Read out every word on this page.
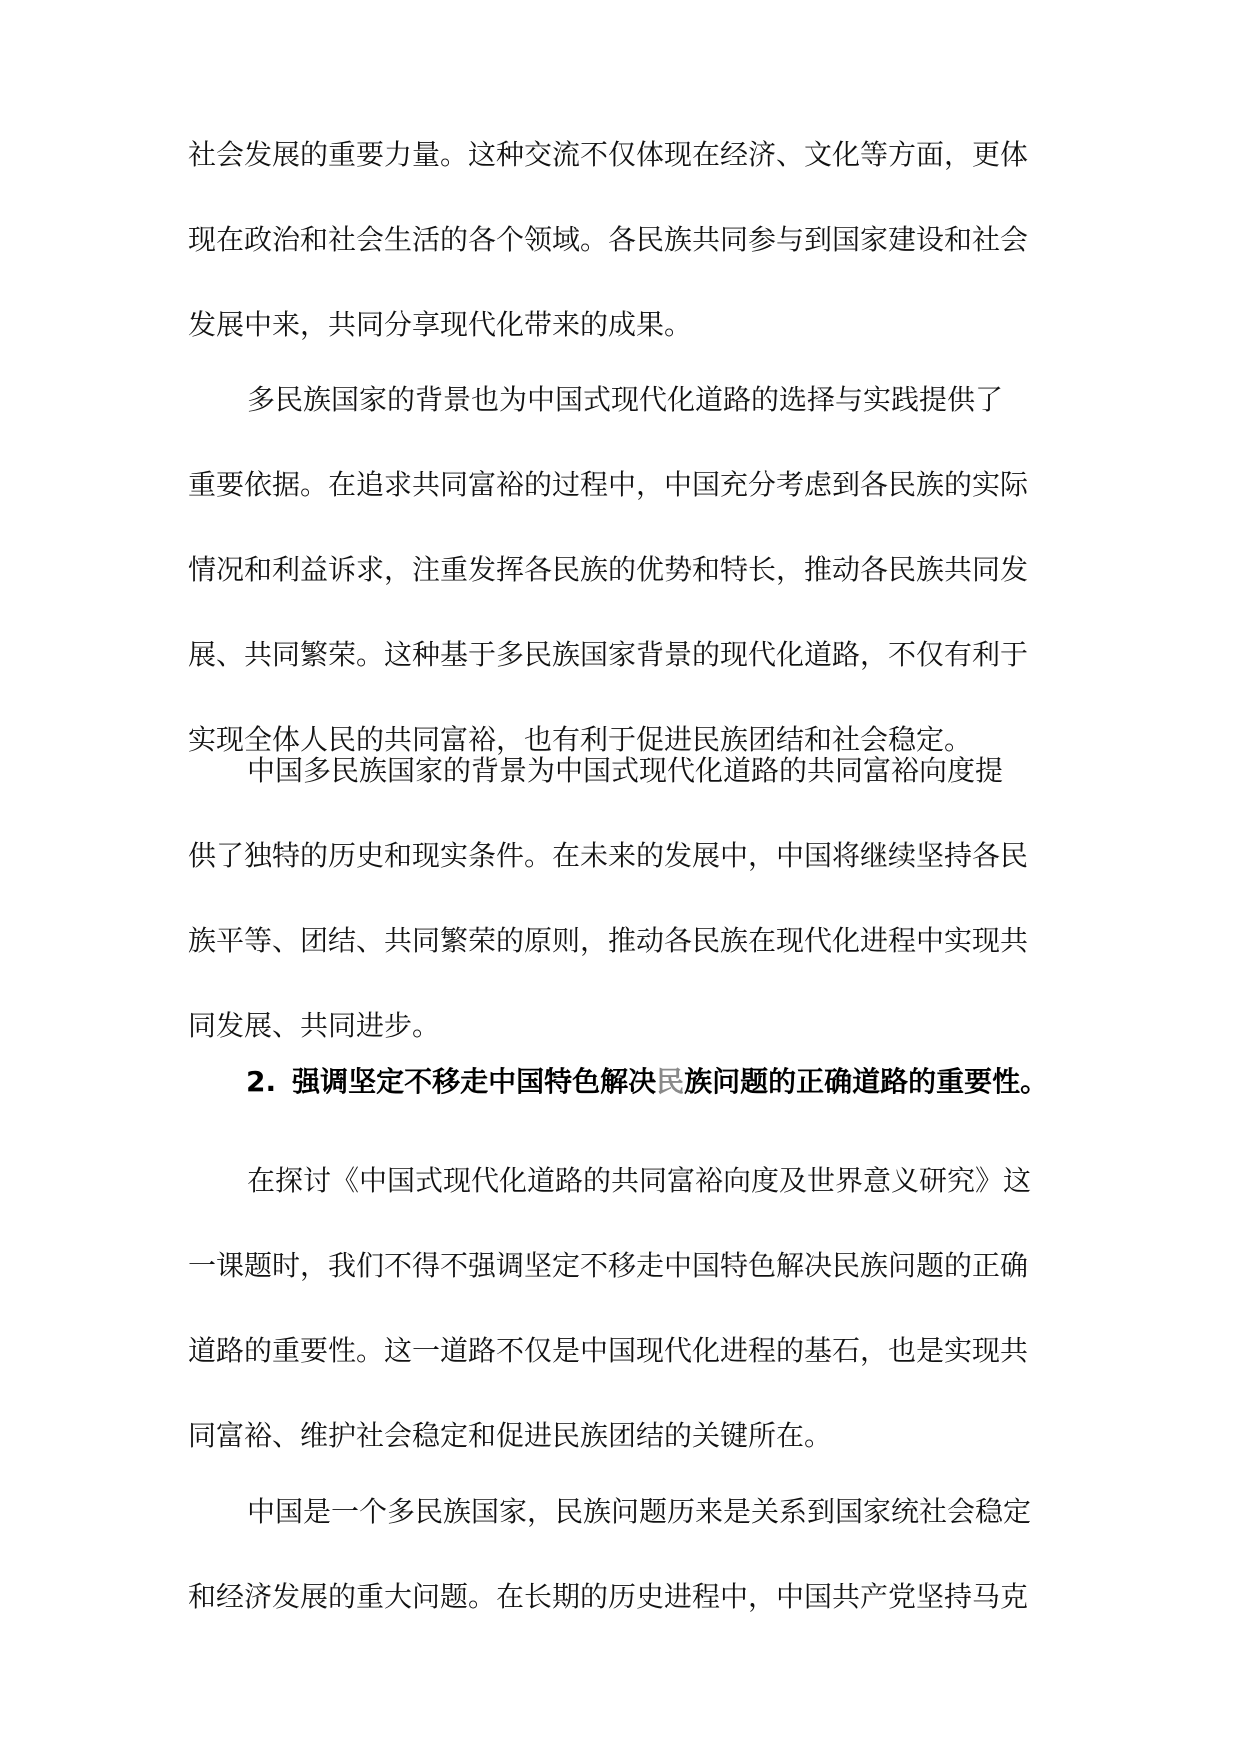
社会发展的重要力量。这种交流不仅体现在经济、文化等方面，更体
现在政治和社会生活的各个领域。各民族共同参与到国家建设和社会
发展中来，共同分享现代化带来的成果。
多民族国家的背景也为中国式现代化道路的选择与实践提供了
重要依据。在追求共同富裕的过程中，中国充分考虑到各民族的实际
情况和利益诉求，注重发挥各民族的优势和特长，推动各民族共同发
展、共同繁荣。这种基于多民族国家背景的现代化道路，不仅有利于
实现全体人民的共同富裕，也有利于促进民族团结和社会稳定。
中国多民族国家的背景为中国式现代化道路的共同富裕向度提
供了独特的历史和现实条件。在未来的发展中，中国将继续坚持各民
族平等、团结、共同繁荣的原则，推动各民族在现代化进程中实现共
同发展、共同进步。
2. 强调坚定不移走中国特色解决民族问题的正确道路的重要性。
在探讨《中国式现代化道路的共同富裕向度及世界意义研究》这
一课题时，我们不得不强调坚定不移走中国特色解决民族问题的正确
道路的重要性。这一道路不仅是中国现代化进程的基石，也是实现共
同富裕、维护社会稳定和促进民族团结的关键所在。
中国是一个多民族国家，民族问题历来是关系到国家统社会稳定
和经济发展的重大问题。在长期的历史进程中，中国共产党坚持马克
